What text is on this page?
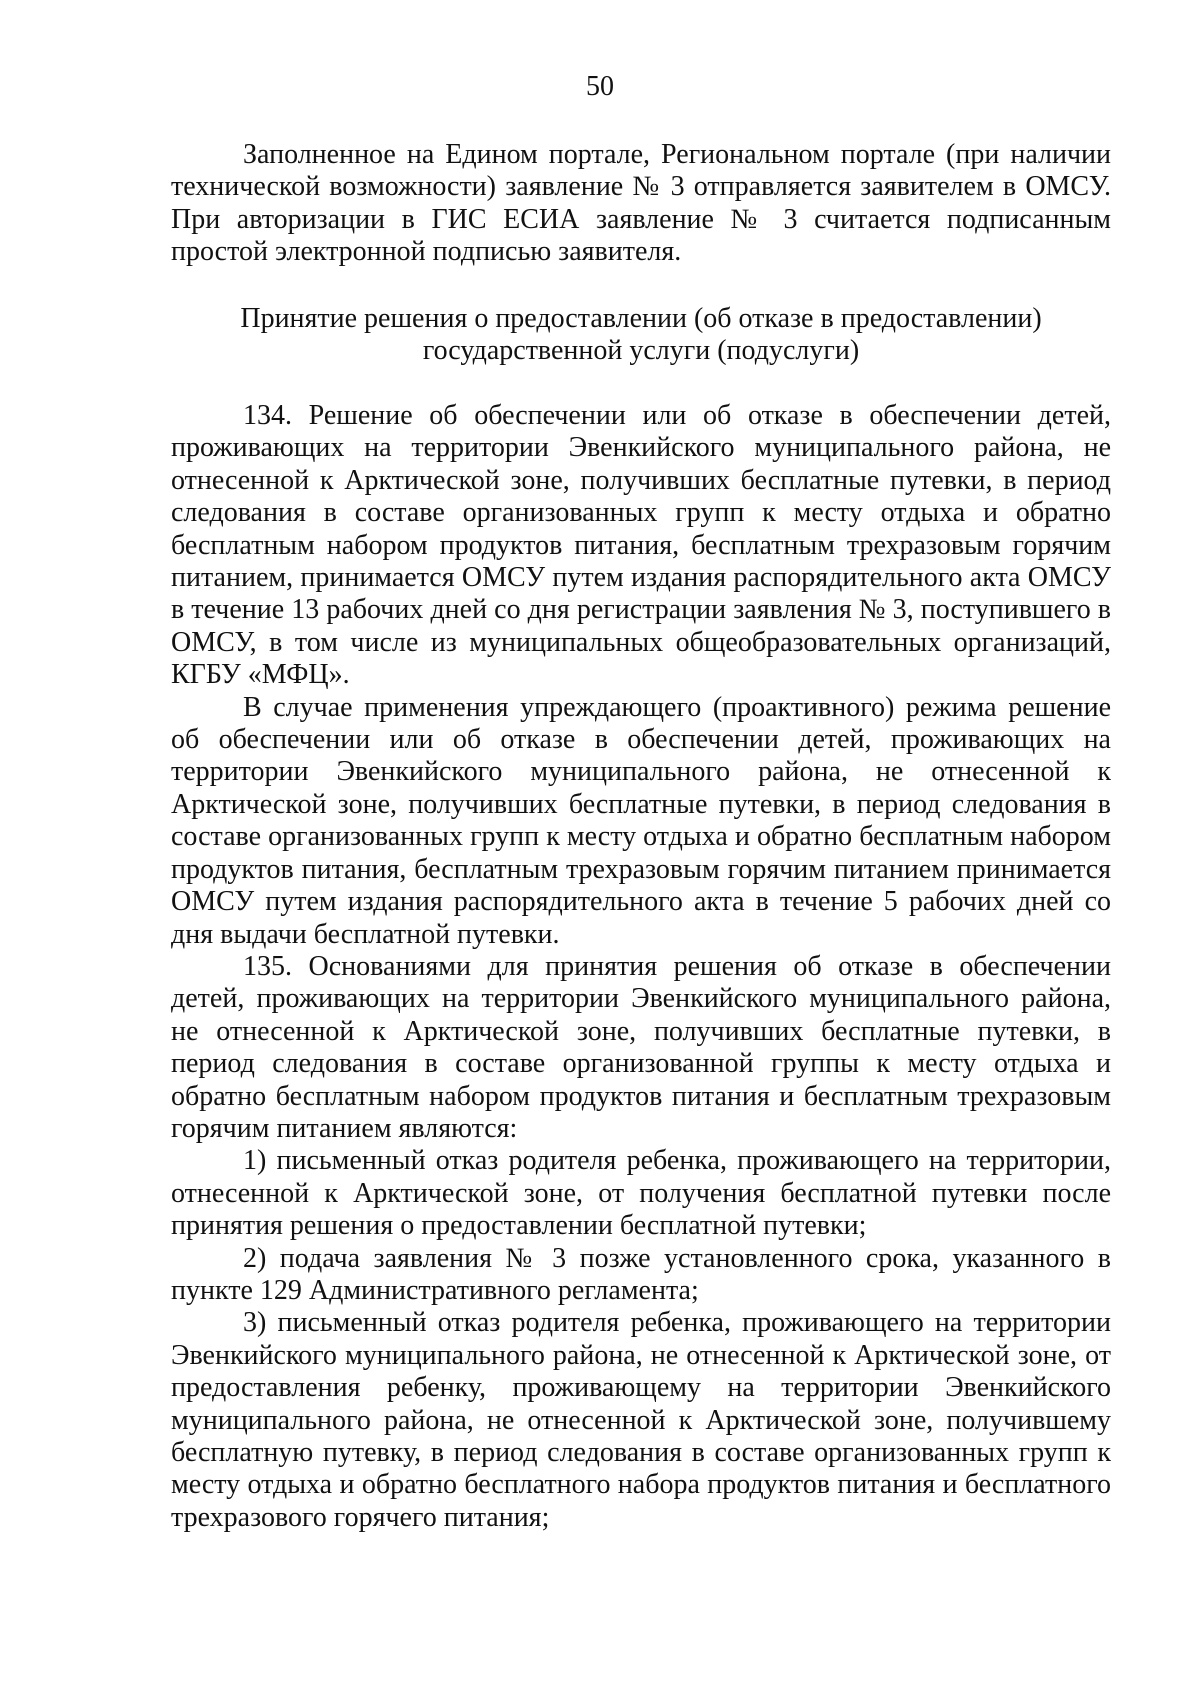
50

Заполненное на Едином портале, Региональном портале (при наличии технической возможности) заявление № 3 отправляется заявителем в ОМСУ. При авторизации в ГИС ЕСИА заявление № 3 считается подписанным простой электронной подписью заявителя.

Принятие решения о предоставлении (об отказе в предоставлении)
государственной услуги (подуслуги)

134. Решение об обеспечении или об отказе в обеспечении детей, проживающих на территории Эвенкийского муниципального района, не отнесенной к Арктической зоне, получивших бесплатные путевки, в период следования в составе организованных групп к месту отдыха и обратно бесплатным набором продуктов питания, бесплатным трехразовым горячим питанием, принимается ОМСУ путем издания распорядительного акта ОМСУ в течение 13 рабочих дней со дня регистрации заявления № 3, поступившего в ОМСУ, в том числе из муниципальных общеобразовательных организаций, КГБУ «МФЦ».

В случае применения упреждающего (проактивного) режима решение об обеспечении или об отказе в обеспечении детей, проживающих на территории Эвенкийского муниципального района, не отнесенной к Арктической зоне, получивших бесплатные путевки, в период следования в составе организованных групп к месту отдыха и обратно бесплатным набором продуктов питания, бесплатным трехразовым горячим питанием принимается ОМСУ путем издания распорядительного акта в течение 5 рабочих дней со дня выдачи бесплатной путевки.

135. Основаниями для принятия решения об отказе в обеспечении детей, проживающих на территории Эвенкийского муниципального района, не отнесенной к Арктической зоне, получивших бесплатные путевки, в период следования в составе организованной группы к месту отдыха и обратно бесплатным набором продуктов питания и бесплатным трехразовым горячим питанием являются:

1) письменный отказ родителя ребенка, проживающего на территории, отнесенной к Арктической зоне, от получения бесплатной путевки после принятия решения о предоставлении бесплатной путевки;

2) подача заявления № 3 позже установленного срока, указанного в пункте 129 Административного регламента;

3) письменный отказ родителя ребенка, проживающего на территории Эвенкийского муниципального района, не отнесенной к Арктической зоне, от предоставления ребенку, проживающему на территории Эвенкийского муниципального района, не отнесенной к Арктической зоне, получившему бесплатную путевку, в период следования в составе организованных групп к месту отдыха и обратно бесплатного набора продуктов питания и бесплатного трехразового горячего питания;
